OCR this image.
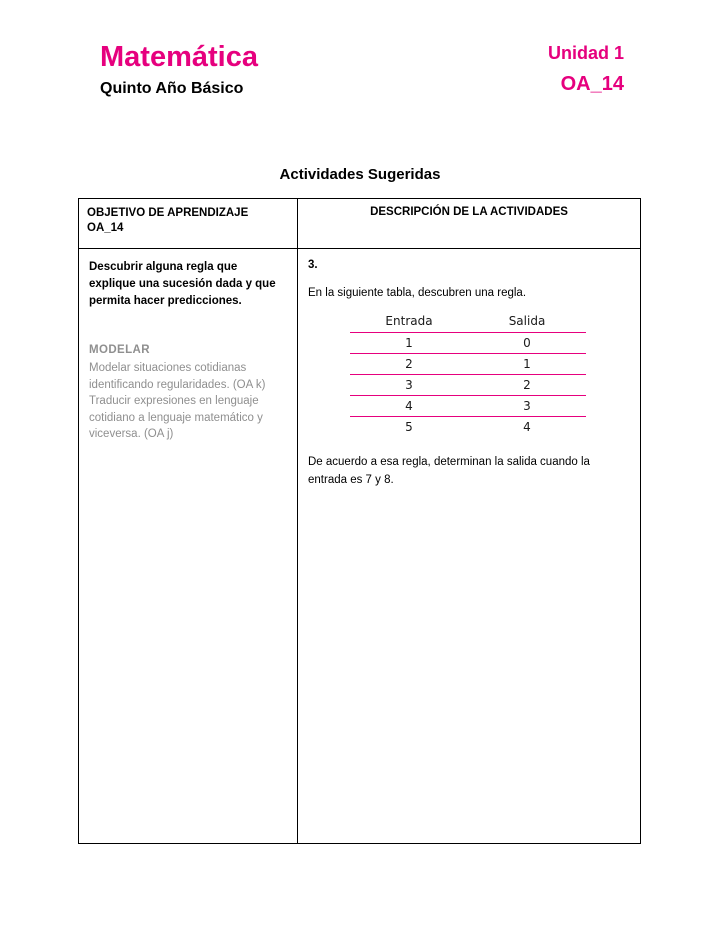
Matemática
Quinto Año Básico
Unidad 1
OA_14
Actividades Sugeridas
OBJETIVO DE APRENDIZAJE
OA_14
DESCRIPCIÓN DE LA ACTIVIDADES

Descubrir alguna regla que explique una sucesión dada y que permita hacer predicciones.

MODELAR

Modelar situaciones cotidianas identificando regularidades. (OA k)

Traducir expresiones en lenguaje cotidiano a lenguaje matemático y viceversa. (OA j)

3.

En la siguiente tabla, descubren una regla.

Entrada	Salida
1	0
2	1
3	2
4	3
5	4

De acuerdo a esa regla, determinan la salida cuando la entrada es 7 y 8.
